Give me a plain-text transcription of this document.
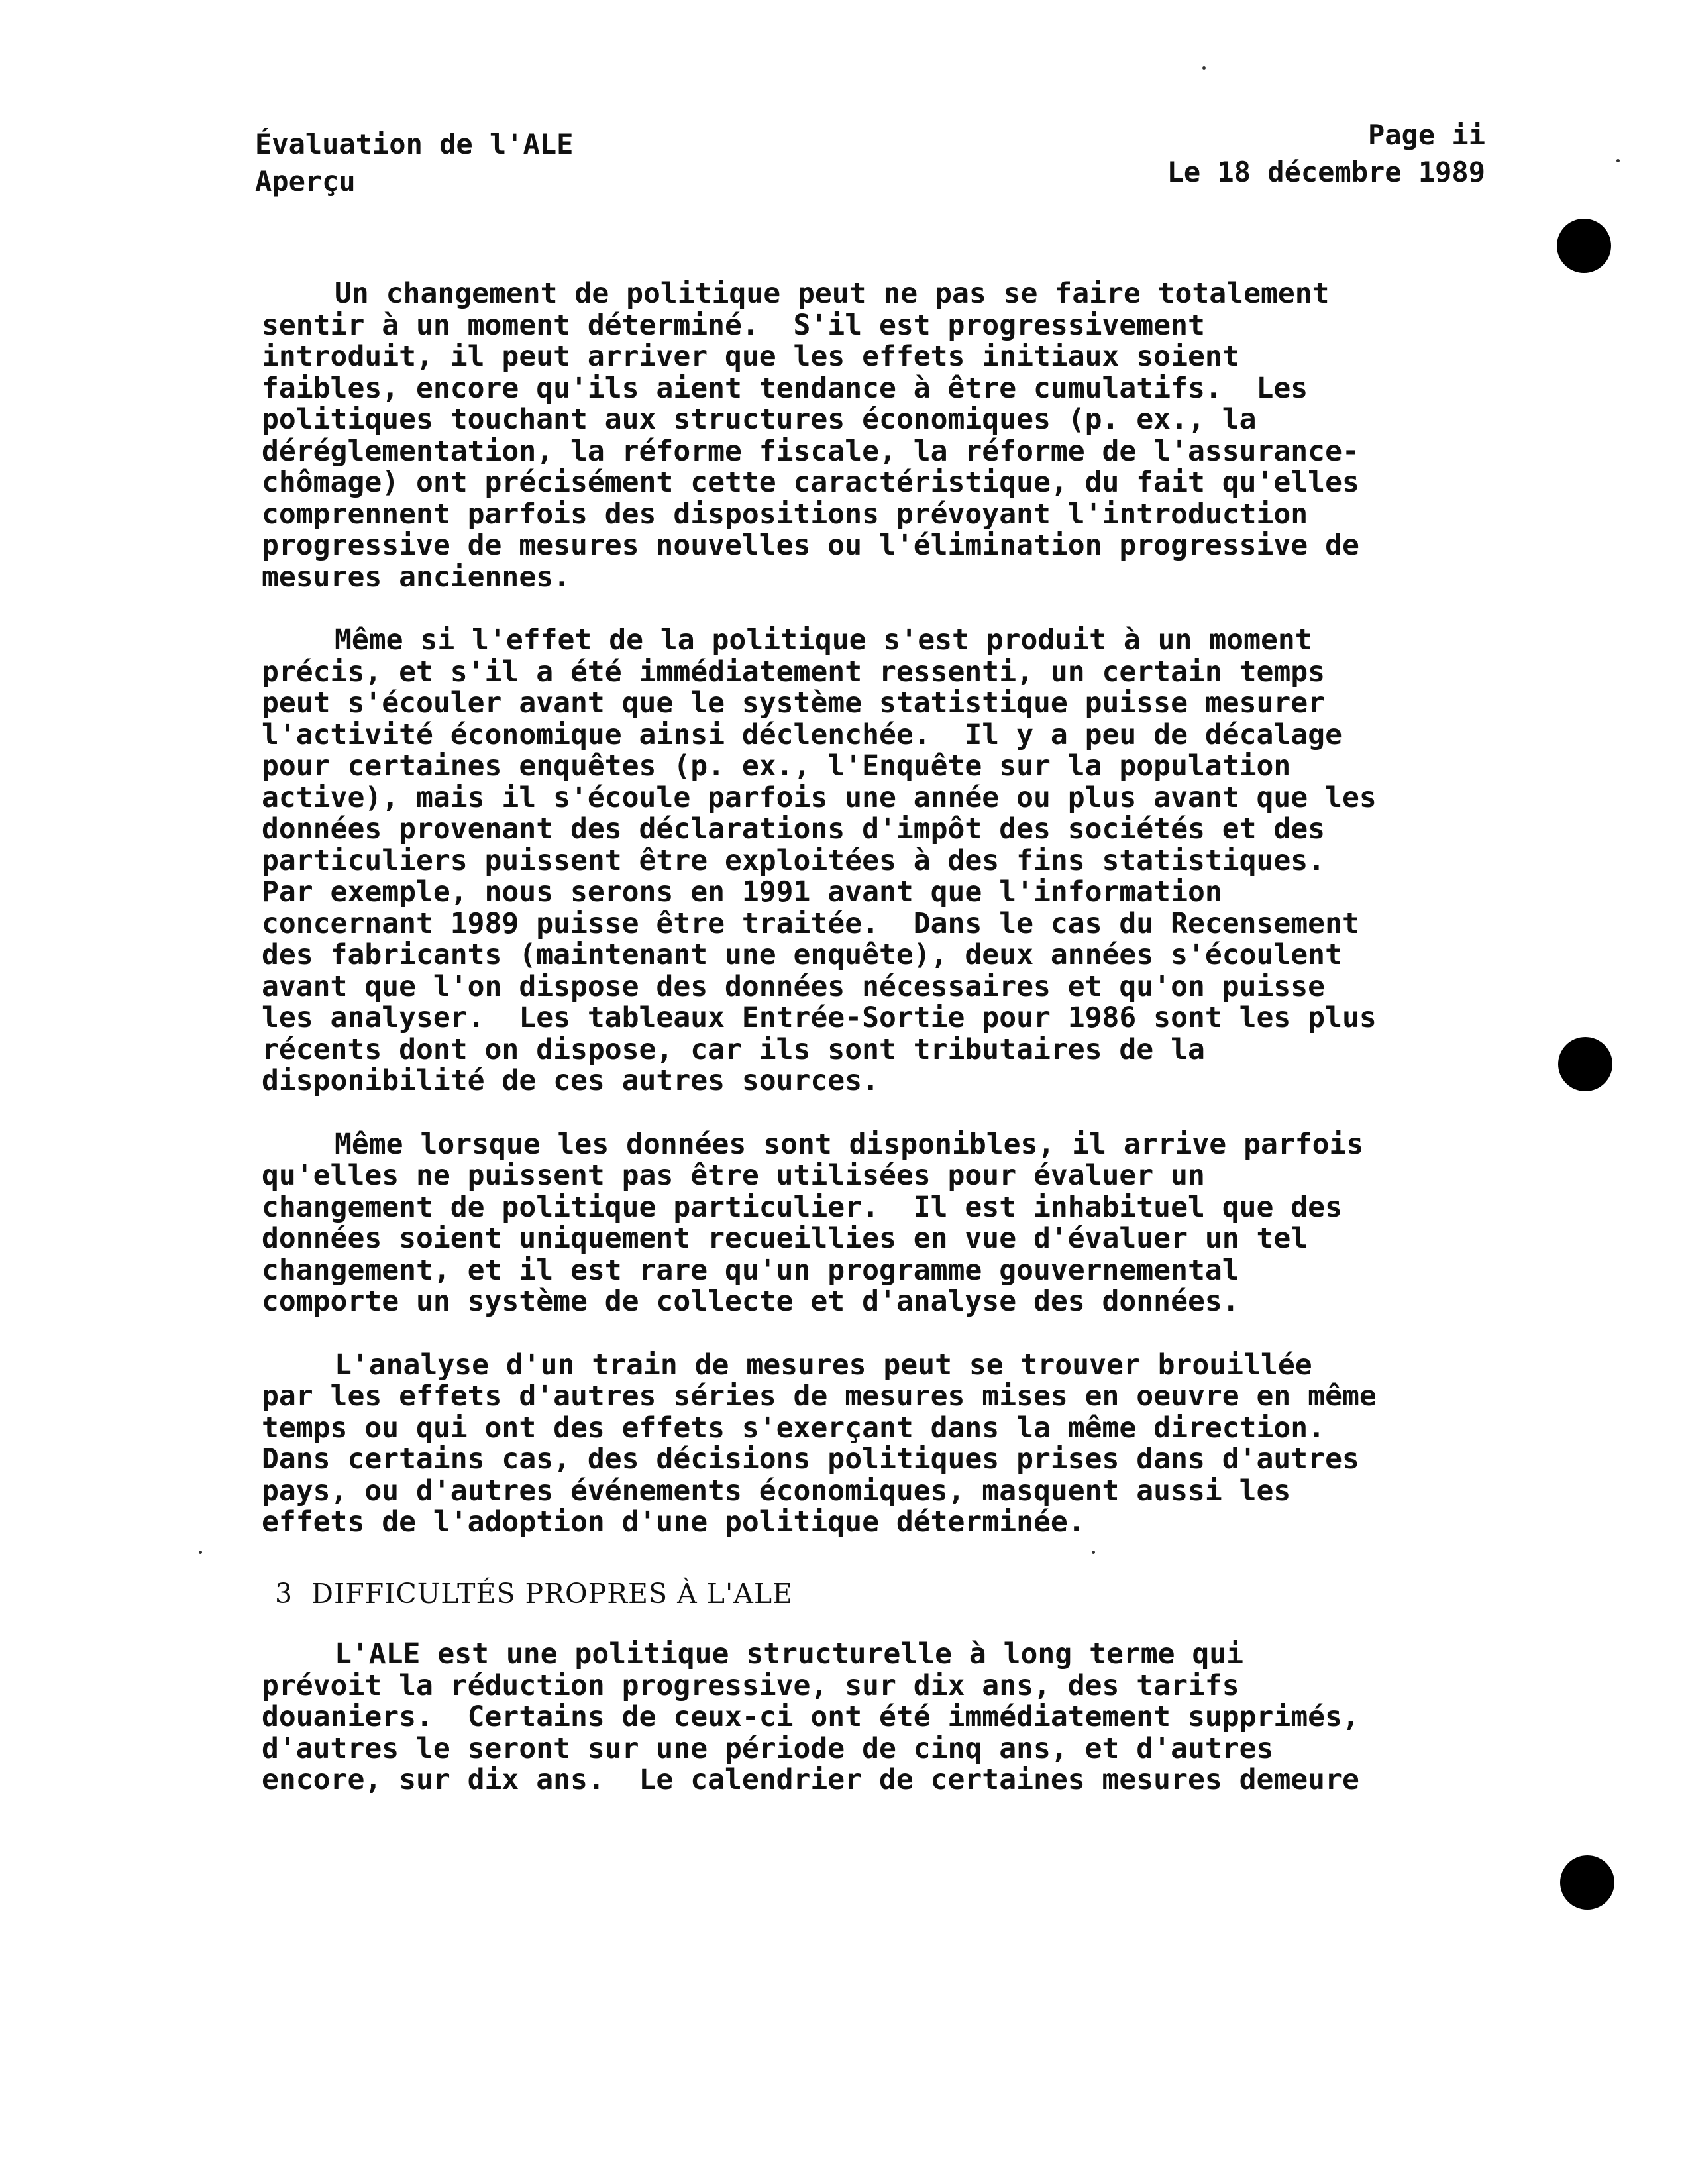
Évaluation de l'ALE
Aperçu
Page ii
Le 18 décembre 1989
Un changement de politique peut ne pas se faire totalement
sentir à un moment déterminé.  S'il est progressivement
introduit, il peut arriver que les effets initiaux soient
faibles, encore qu'ils aient tendance à être cumulatifs.  Les
politiques touchant aux structures économiques (p. ex., la
déréglementation, la réforme fiscale, la réforme de l'assurance-
chômage) ont précisément cette caractéristique, du fait qu'elles
comprennent parfois des dispositions prévoyant l'introduction
progressive de mesures nouvelles ou l'élimination progressive de
mesures anciennes.
Même si l'effet de la politique s'est produit à un moment
précis, et s'il a été immédiatement ressenti, un certain temps
peut s'écouler avant que le système statistique puisse mesurer
l'activité économique ainsi déclenchée.  Il y a peu de décalage
pour certaines enquêtes (p. ex., l'Enquête sur la population
active), mais il s'écoule parfois une année ou plus avant que les
données provenant des déclarations d'impôt des sociétés et des
particuliers puissent être exploitées à des fins statistiques.
Par exemple, nous serons en 1991 avant que l'information
concernant 1989 puisse être traitée.  Dans le cas du Recensement
des fabricants (maintenant une enquête), deux années s'écoulent
avant que l'on dispose des données nécessaires et qu'on puisse
les analyser.  Les tableaux Entrée-Sortie pour 1986 sont les plus
récents dont on dispose, car ils sont tributaires de la
disponibilité de ces autres sources.
Même lorsque les données sont disponibles, il arrive parfois
qu'elles ne puissent pas être utilisées pour évaluer un
changement de politique particulier.  Il est inhabituel que des
données soient uniquement recueillies en vue d'évaluer un tel
changement, et il est rare qu'un programme gouvernemental
comporte un système de collecte et d'analyse des données.
L'analyse d'un train de mesures peut se trouver brouillée
par les effets d'autres séries de mesures mises en oeuvre en même
temps ou qui ont des effets s'exerçant dans la même direction.
Dans certains cas, des décisions politiques prises dans d'autres
pays, ou d'autres événements économiques, masquent aussi les
effets de l'adoption d'une politique déterminée.
3 DIFFICULTÉS PROPRES À L'ALE
L'ALE est une politique structurelle à long terme qui
prévoit la réduction progressive, sur dix ans, des tarifs
douaniers.  Certains de ceux-ci ont été immédiatement supprimés,
d'autres le seront sur une période de cinq ans, et d'autres
encore, sur dix ans.  Le calendrier de certaines mesures demeure
